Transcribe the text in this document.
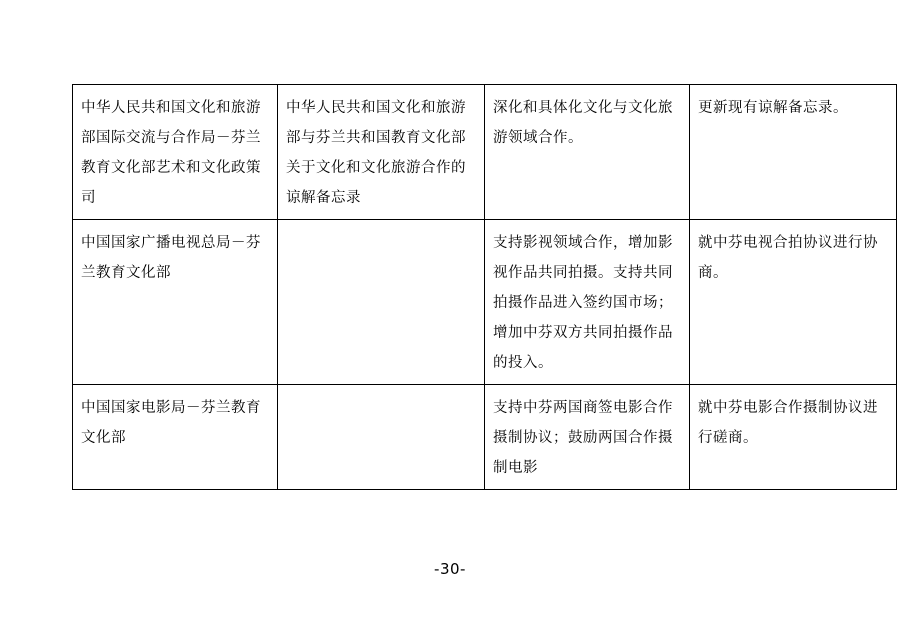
中华人民共和国文化和旅游部国际交流与合作局－芬兰教育文化部艺术和文化政策司	中华人民共和国文化和旅游部与芬兰共和国教育文化部关于文化和文化旅游合作的谅解备忘录	深化和具体化文化与文化旅游领域合作。	更新现有谅解备忘录。

中国国家广播电视总局－芬兰教育文化部		支持影视领域合作，增加影视作品共同拍摄。支持共同拍摄作品进入签约国市场；增加中芬双方共同拍摄作品的投入。	就中芬电视合拍协议进行协商。

中国国家电影局－芬兰教育文化部		支持中芬两国商签电影合作摄制协议；鼓励两国合作摄制电影	就中芬电影合作摄制协议进行磋商。
-30-
